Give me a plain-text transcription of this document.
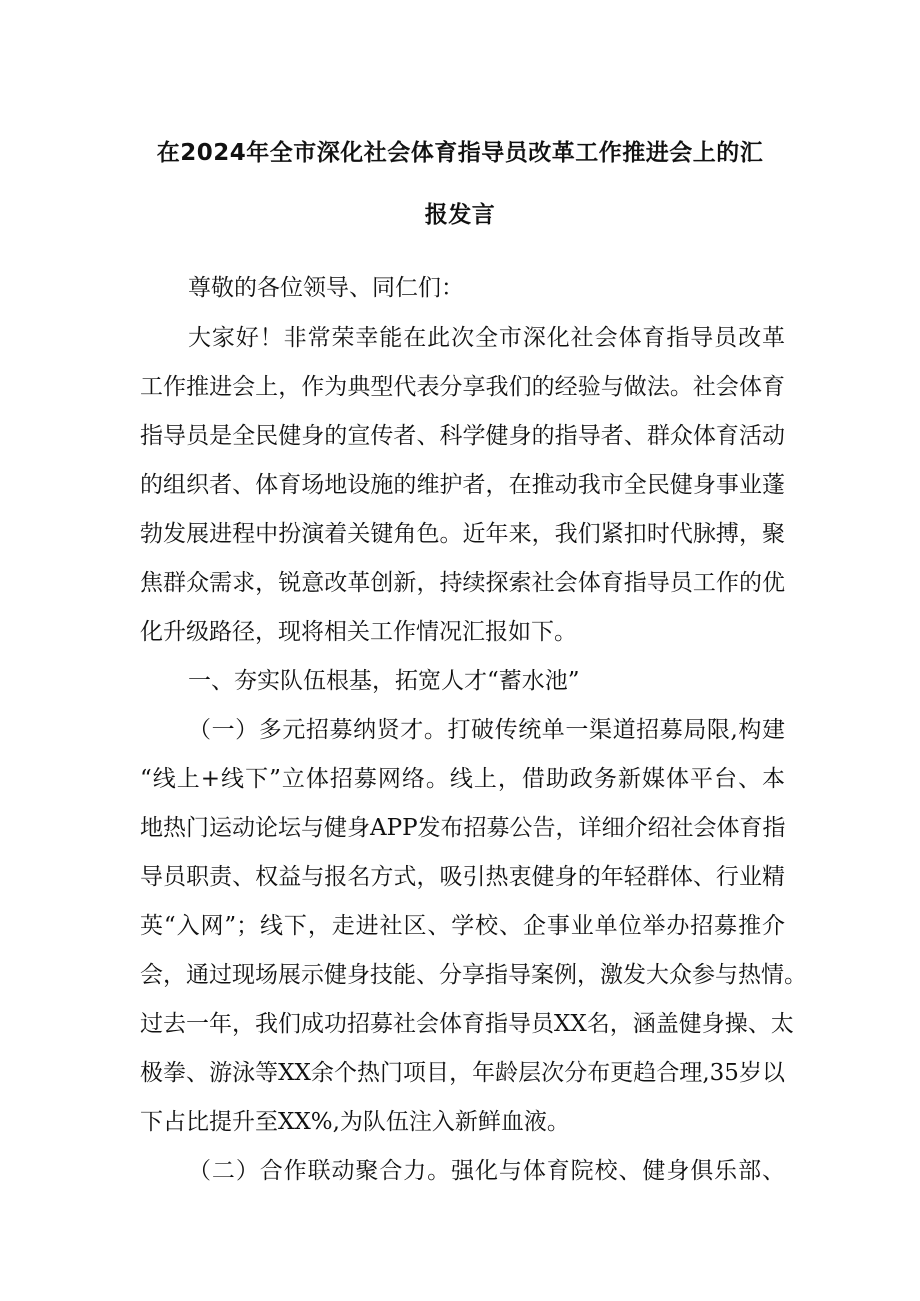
在2024年全市深化社会体育指导员改革工作推进会上的汇
报发言
尊敬的各位领导、同仁们：
大家好！非常荣幸能在此次全市深化社会体育指导员改革
工作推进会上，作为典型代表分享我们的经验与做法。社会体育
指导员是全民健身的宣传者、科学健身的指导者、群众体育活动
的组织者、体育场地设施的维护者，在推动我市全民健身事业蓬
勃发展进程中扮演着关键角色。近年来，我们紧扣时代脉搏，聚
焦群众需求，锐意改革创新，持续探索社会体育指导员工作的优
化升级路径，现将相关工作情况汇报如下。
一、夯实队伍根基，拓宽人才“蓄水池”
（一）多元招募纳贤才。打破传统单一渠道招募局限,构建
“线上+线下”立体招募网络。线上，借助政务新媒体平台、本
地热门运动论坛与健身APP发布招募公告，详细介绍社会体育指
导员职责、权益与报名方式，吸引热衷健身的年轻群体、行业精
英“入网”；线下，走进社区、学校、企事业单位举办招募推介
会，通过现场展示健身技能、分享指导案例，激发大众参与热情。
过去一年，我们成功招募社会体育指导员XX名，涵盖健身操、太
极拳、游泳等XX余个热门项目，年龄层次分布更趋合理,35岁以
下占比提升至XX%,为队伍注入新鲜血液。
（二）合作联动聚合力。强化与体育院校、健身俱乐部、
